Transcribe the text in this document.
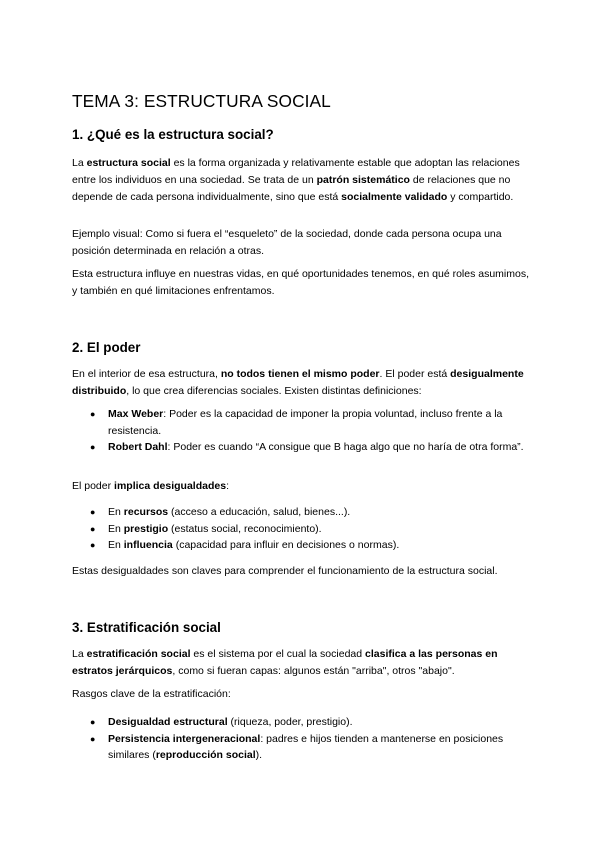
TEMA 3: ESTRUCTURA SOCIAL
1. ¿Qué es la estructura social?

La estructura social es la forma organizada y relativamente estable que adoptan las relaciones entre los individuos en una sociedad. Se trata de un patrón sistemático de relaciones que no depende de cada persona individualmente, sino que está socialmente validado y compartido.

Ejemplo visual: Como si fuera el “esqueleto” de la sociedad, donde cada persona ocupa una posición determinada en relación a otras.

Esta estructura influye en nuestras vidas, en qué oportunidades tenemos, en qué roles asumimos, y también en qué limitaciones enfrentamos.

2. El poder

En el interior de esa estructura, no todos tienen el mismo poder. El poder está desigualmente distribuido, lo que crea diferencias sociales. Existen distintas definiciones:

● Max Weber: Poder es la capacidad de imponer la propia voluntad, incluso frente a la resistencia.
● Robert Dahl: Poder es cuando “A consigue que B haga algo que no haría de otra forma”.

El poder implica desigualdades:

● En recursos (acceso a educación, salud, bienes...).
● En prestigio (estatus social, reconocimiento).
● En influencia (capacidad para influir en decisiones o normas).

Estas desigualdades son claves para comprender el funcionamiento de la estructura social.

3. Estratificación social

La estratificación social es el sistema por el cual la sociedad clasifica a las personas en estratos jerárquicos, como si fueran capas: algunos están "arriba", otros "abajo".

Rasgos clave de la estratificación:

● Desigualdad estructural (riqueza, poder, prestigio).
● Persistencia intergeneracional: padres e hijos tienden a mantenerse en posiciones similares (reproducción social).
